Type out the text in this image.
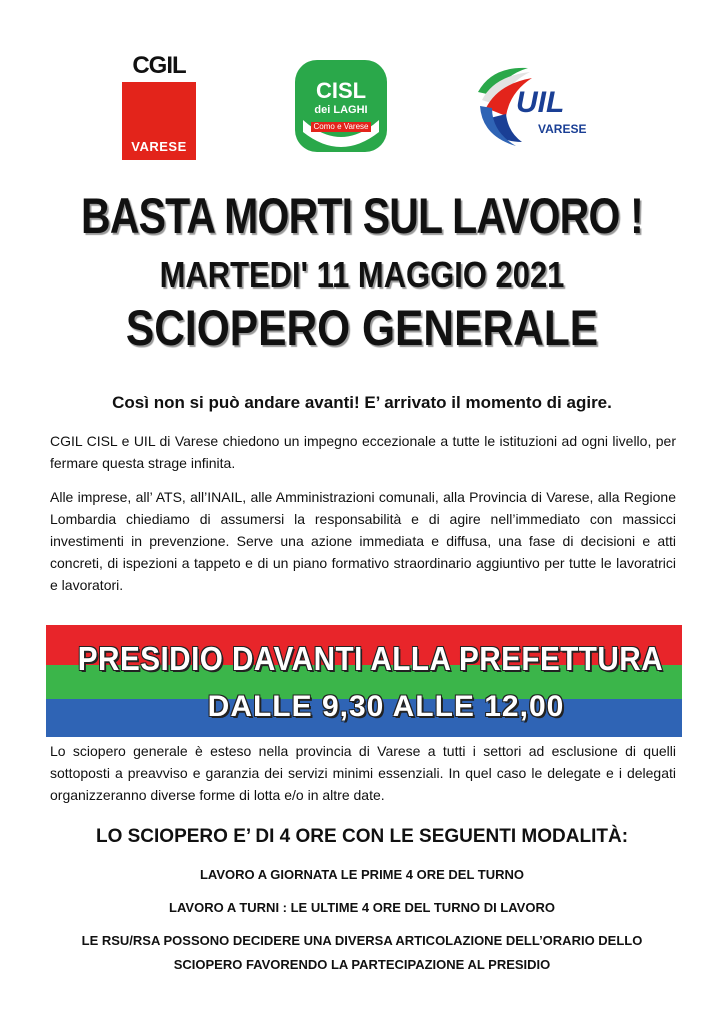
CGIL
VARESE
CISL
dei LAGHI
Como e Varese
UIL
VARESE
BASTA MORTI SUL LAVORO !
MARTEDI' 11 MAGGIO 2021
SCIOPERO GENERALE
Così non si può andare avanti! E’ arrivato il momento di agire.

CGIL CISL e UIL di Varese chiedono un impegno eccezionale a tutte le istituzioni ad ogni livello, per fermare questa strage infinita.

Alle imprese, all’ ATS, all’INAIL, alle Amministrazioni comunali, alla Provincia di Varese, alla Regione Lombardia chiediamo di assumersi la responsabilità e di agire nell’immediato con massicci investimenti in prevenzione. Serve una azione immediata e diffusa, una fase di decisioni e atti concreti, di ispezioni a tappeto e di un piano formativo straordinario aggiuntivo per tutte le lavoratrici e lavoratori.

PRESIDIO DAVANTI ALLA PREFETTURA
DALLE 9,30 ALLE 12,00

Lo sciopero generale è esteso nella provincia di Varese a tutti i settori ad esclusione di quelli sottoposti a preavviso e garanzia dei servizi minimi essenziali. In quel caso le delegate e i delegati organizzeranno diverse forme di lotta e/o in altre date.

LO SCIOPERO E’ DI 4 ORE CON LE SEGUENTI MODALITÀ:
LAVORO A GIORNATA LE PRIME 4 ORE DEL TURNO
LAVORO A TURNI : LE ULTIME 4 ORE DEL TURNO DI LAVORO
LE RSU/RSA POSSONO DECIDERE UNA DIVERSA ARTICOLAZIONE DELL’ORARIO DELLO
SCIOPERO FAVORENDO LA PARTECIPAZIONE AL PRESIDIO
